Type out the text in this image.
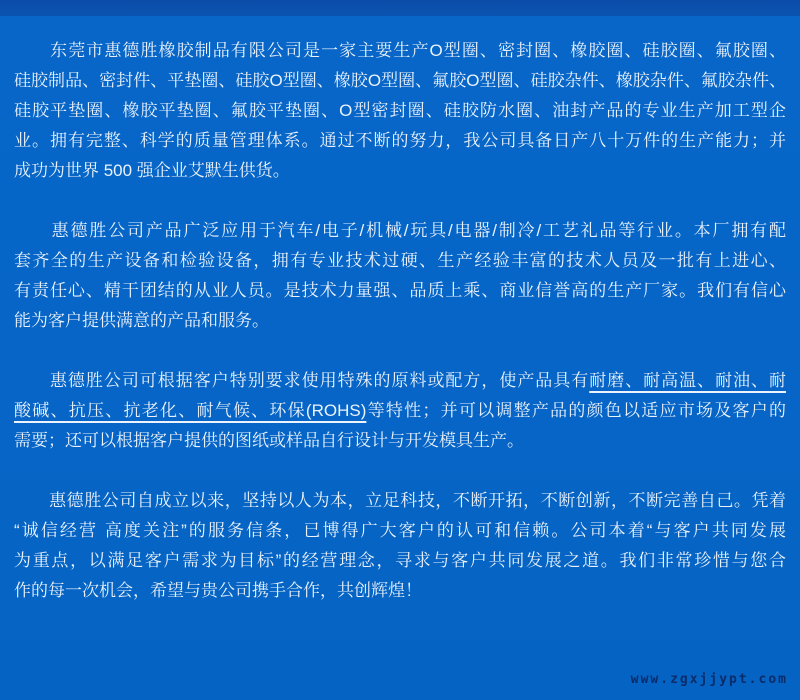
　　东莞市惠德胜橡胶制品有限公司是一家主要生产O型圈、密封圈、橡胶圈、硅胶圈、氟胶圈、
硅胶制品、密封件、平垫圈、硅胶O型圈、橡胶O型圈、氟胶O型圈、硅胶杂件、橡胶杂件、氟胶杂件、
硅胶平垫圈、橡胶平垫圈、氟胶平垫圈、O型密封圈、硅胶防水圈、油封产品的专业生产加工型企
业。拥有完整、科学的质量管理体系。通过不断的努力，我公司具备日产八十万件的生产能力；并
成功为世界 500 强企业艾默生供货。
　　惠德胜公司产品广泛应用于汽车/电子/机械/玩具/电器/制冷/工艺礼品等行业。本厂拥有配
套齐全的生产设备和检验设备，拥有专业技术过硬、生产经验丰富的技术人员及一批有上进心、
有责任心、精干团结的从业人员。是技术力量强、品质上乘、商业信誉高的生产厂家。我们有信心
能为客户提供满意的产品和服务。
　　惠德胜公司可根据客户特别要求使用特殊的原料或配方，使产品具有耐磨、耐高温、耐油、耐
酸碱、抗压、抗老化、耐气候、环保(ROHS)等特性；并可以调整产品的颜色以适应市场及客户的
需要；还可以根据客户提供的图纸或样品自行设计与开发模具生产。
　　惠德胜公司自成立以来，坚持以人为本，立足科技，不断开拓，不断创新，不断完善自己。凭着
“诚信经营 高度关注”的服务信条，已博得广大客户的认可和信赖。公司本着“与客户共同发展
为重点，以满足客户需求为目标”的经营理念，寻求与客户共同发展之道。我们非常珍惜与您合
作的每一次机会，希望与贵公司携手合作，共创辉煌！
www.zgxjjypt.com
